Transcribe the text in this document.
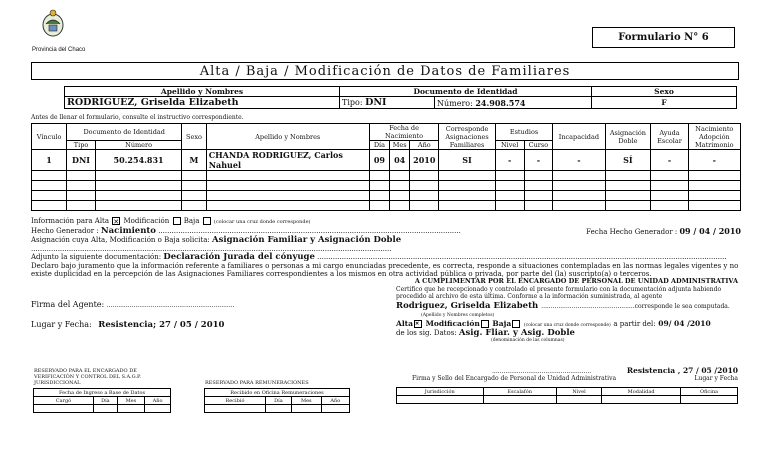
Provincia del Chaco
Formulario N° 6
Alta / Baja / Modificación de Datos de Familiares
Apellido y Nombres	Documento de Identidad		Sexo
RODRIGUEZ, Griselda Elizabeth	Tipo: DNI	Número: 24.908.574	F
Antes de llenar el formulario, consulte el instructivo correspondiente.
Vínculo	Documento de Identidad		Sexo	Apellido y Nombres	Fecha de Nacimiento			Corresponde Asignaciones Familiares	Estudios		Incapacidad	Asignación Doble	Ayuda Escolar	Nacimiento Adopción Matrimonio
	Tipo	Número			Día	Mes	Año		Nivel	Curso				
1	DNI	50.254.831	M	CHANDA RODRIGUEZ, Carlos Nahuel	09	04	2010	SI	-	-	-	SÍ	-	-

Información para Alta ✕ Modificación Baja	(colocar una cruz donde corresponde)
Hecho Generador : Nacimiento ........................................................................................................................................	Fecha Hecho Generador : 09 / 04 / 2010
Asignación cuya Alta, Modificación o Baja solicita: Asignación Familiar y Asignación Doble ..................................................................................................................................................................
Adjunto la siguiente documentación: Declaración Jurada del cónyuge ........................................................................................................................................................................................
Declaro bajo juramento que la información referente a familiares o personas a mi cargo enunciadas precedente, es correcta, responde a situaciones contempladas en las normas legales vigentes y no existe duplicidad en la percepción de las Asignaciones Familiares correspondientes a los mismos en otra actividad pública o privada, por parte del (la) suscripto(a) o terceros.
Firma del Agente: ...................................................................
Lugar y Fecha: Resistencia; 27 / 05 / 2010
A CUMPLIMENTAR POR EL ENCARGADO DE PERSONAL DE UNIDAD ADMINISTRATIVA
Certifico que he recepcionado y controlado el presente formulario con la documentación adjunta habiendo procedido al archivo de esta última. Conforme a la información suministrada, al agente
Rodriguez, Griselda Elizabeth .................................................corresponde le sea computada.
(Apellido y Nombres completos)
Alta ✕ Modificación Baja	(colocar una cruz donde corresponde) a partir del: 09/ 04 /2010
de los sig. Datos: Asig. Fliar. y Asig. Doble
(denominación de las columnas)
....................................................	Resistencia , 27 / 05 /2010
Firma y Sello del Encargado de Personal de Unidad Administrativa	Lugar y Fecha
RESERVADO PARA EL ENCARGADO DE VERIFICACIÓN Y CONTROL DEL S.A.G.P. JURISDICCIONAL
Fecha de Ingreso a Base de Datos			
Cargó	Día	Mes	Año

RESERVADO PARA REMUNERACIONES
Recibido en Oficina Remuneraciones			
Recibió	Día	Mes	Año

Jurisdicción	Escalafón	Nivel	Modalidad	Oficina
